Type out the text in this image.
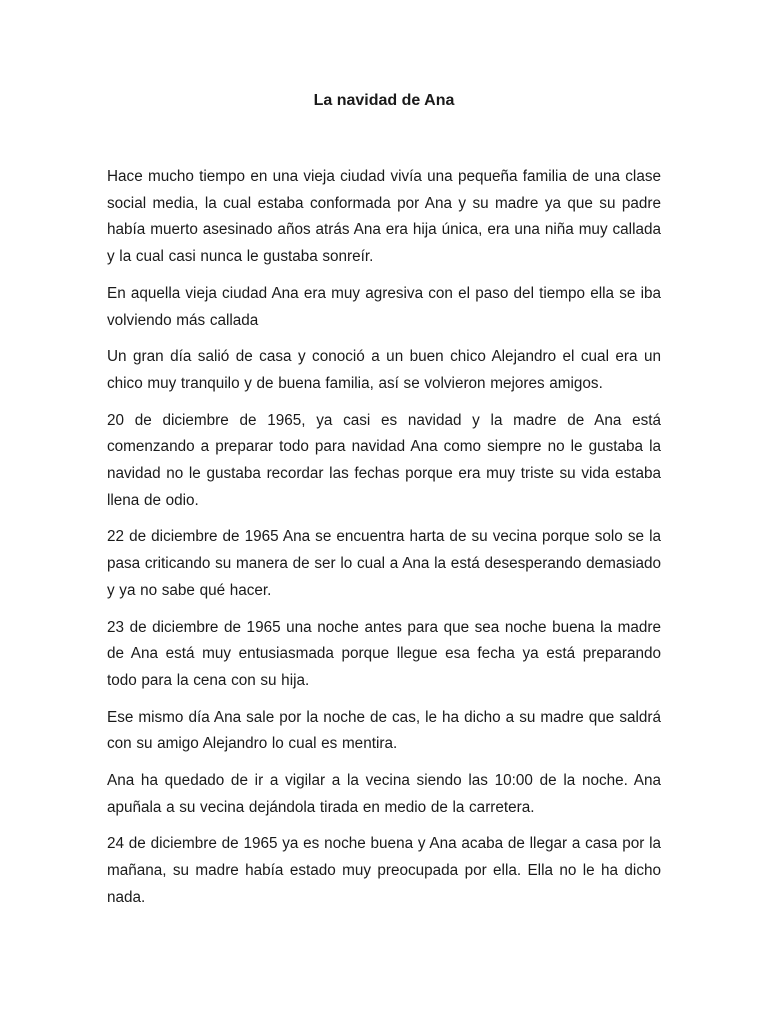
La navidad de Ana

Hace mucho tiempo en una vieja ciudad vivía una pequeña familia de una clase social media, la cual estaba conformada por Ana y su madre ya que su padre había muerto asesinado años atrás Ana era hija única, era una niña muy callada y la cual casi nunca le gustaba sonreír.

En aquella vieja ciudad Ana era muy agresiva con el paso del tiempo ella se iba volviendo más callada

Un gran día salió de casa y conoció a un buen chico Alejandro el cual era un chico muy tranquilo y de buena familia, así se volvieron mejores amigos.

20 de diciembre de 1965, ya casi es navidad y la madre de Ana está comenzando a preparar todo para navidad Ana como siempre no le gustaba la navidad no le gustaba recordar las fechas porque era muy triste su vida estaba llena de odio.

22 de diciembre de 1965 Ana se encuentra harta de su vecina porque solo se la pasa criticando su manera de ser lo cual a Ana la está desesperando demasiado y ya no sabe qué hacer.

23 de diciembre de 1965 una noche antes para que sea noche buena la madre de Ana está muy entusiasmada porque llegue esa fecha ya está preparando todo para la cena con su hija.

Ese mismo día Ana sale por la noche de cas, le ha dicho a su madre que saldrá con su amigo Alejandro lo cual es mentira.

Ana ha quedado de ir a vigilar a la vecina siendo las 10:00 de la noche. Ana apuñala a su vecina dejándola tirada en medio de la carretera.

24 de diciembre de 1965 ya es noche buena y Ana acaba de llegar a casa por la mañana, su madre había estado muy preocupada por ella. Ella no le ha dicho nada.
